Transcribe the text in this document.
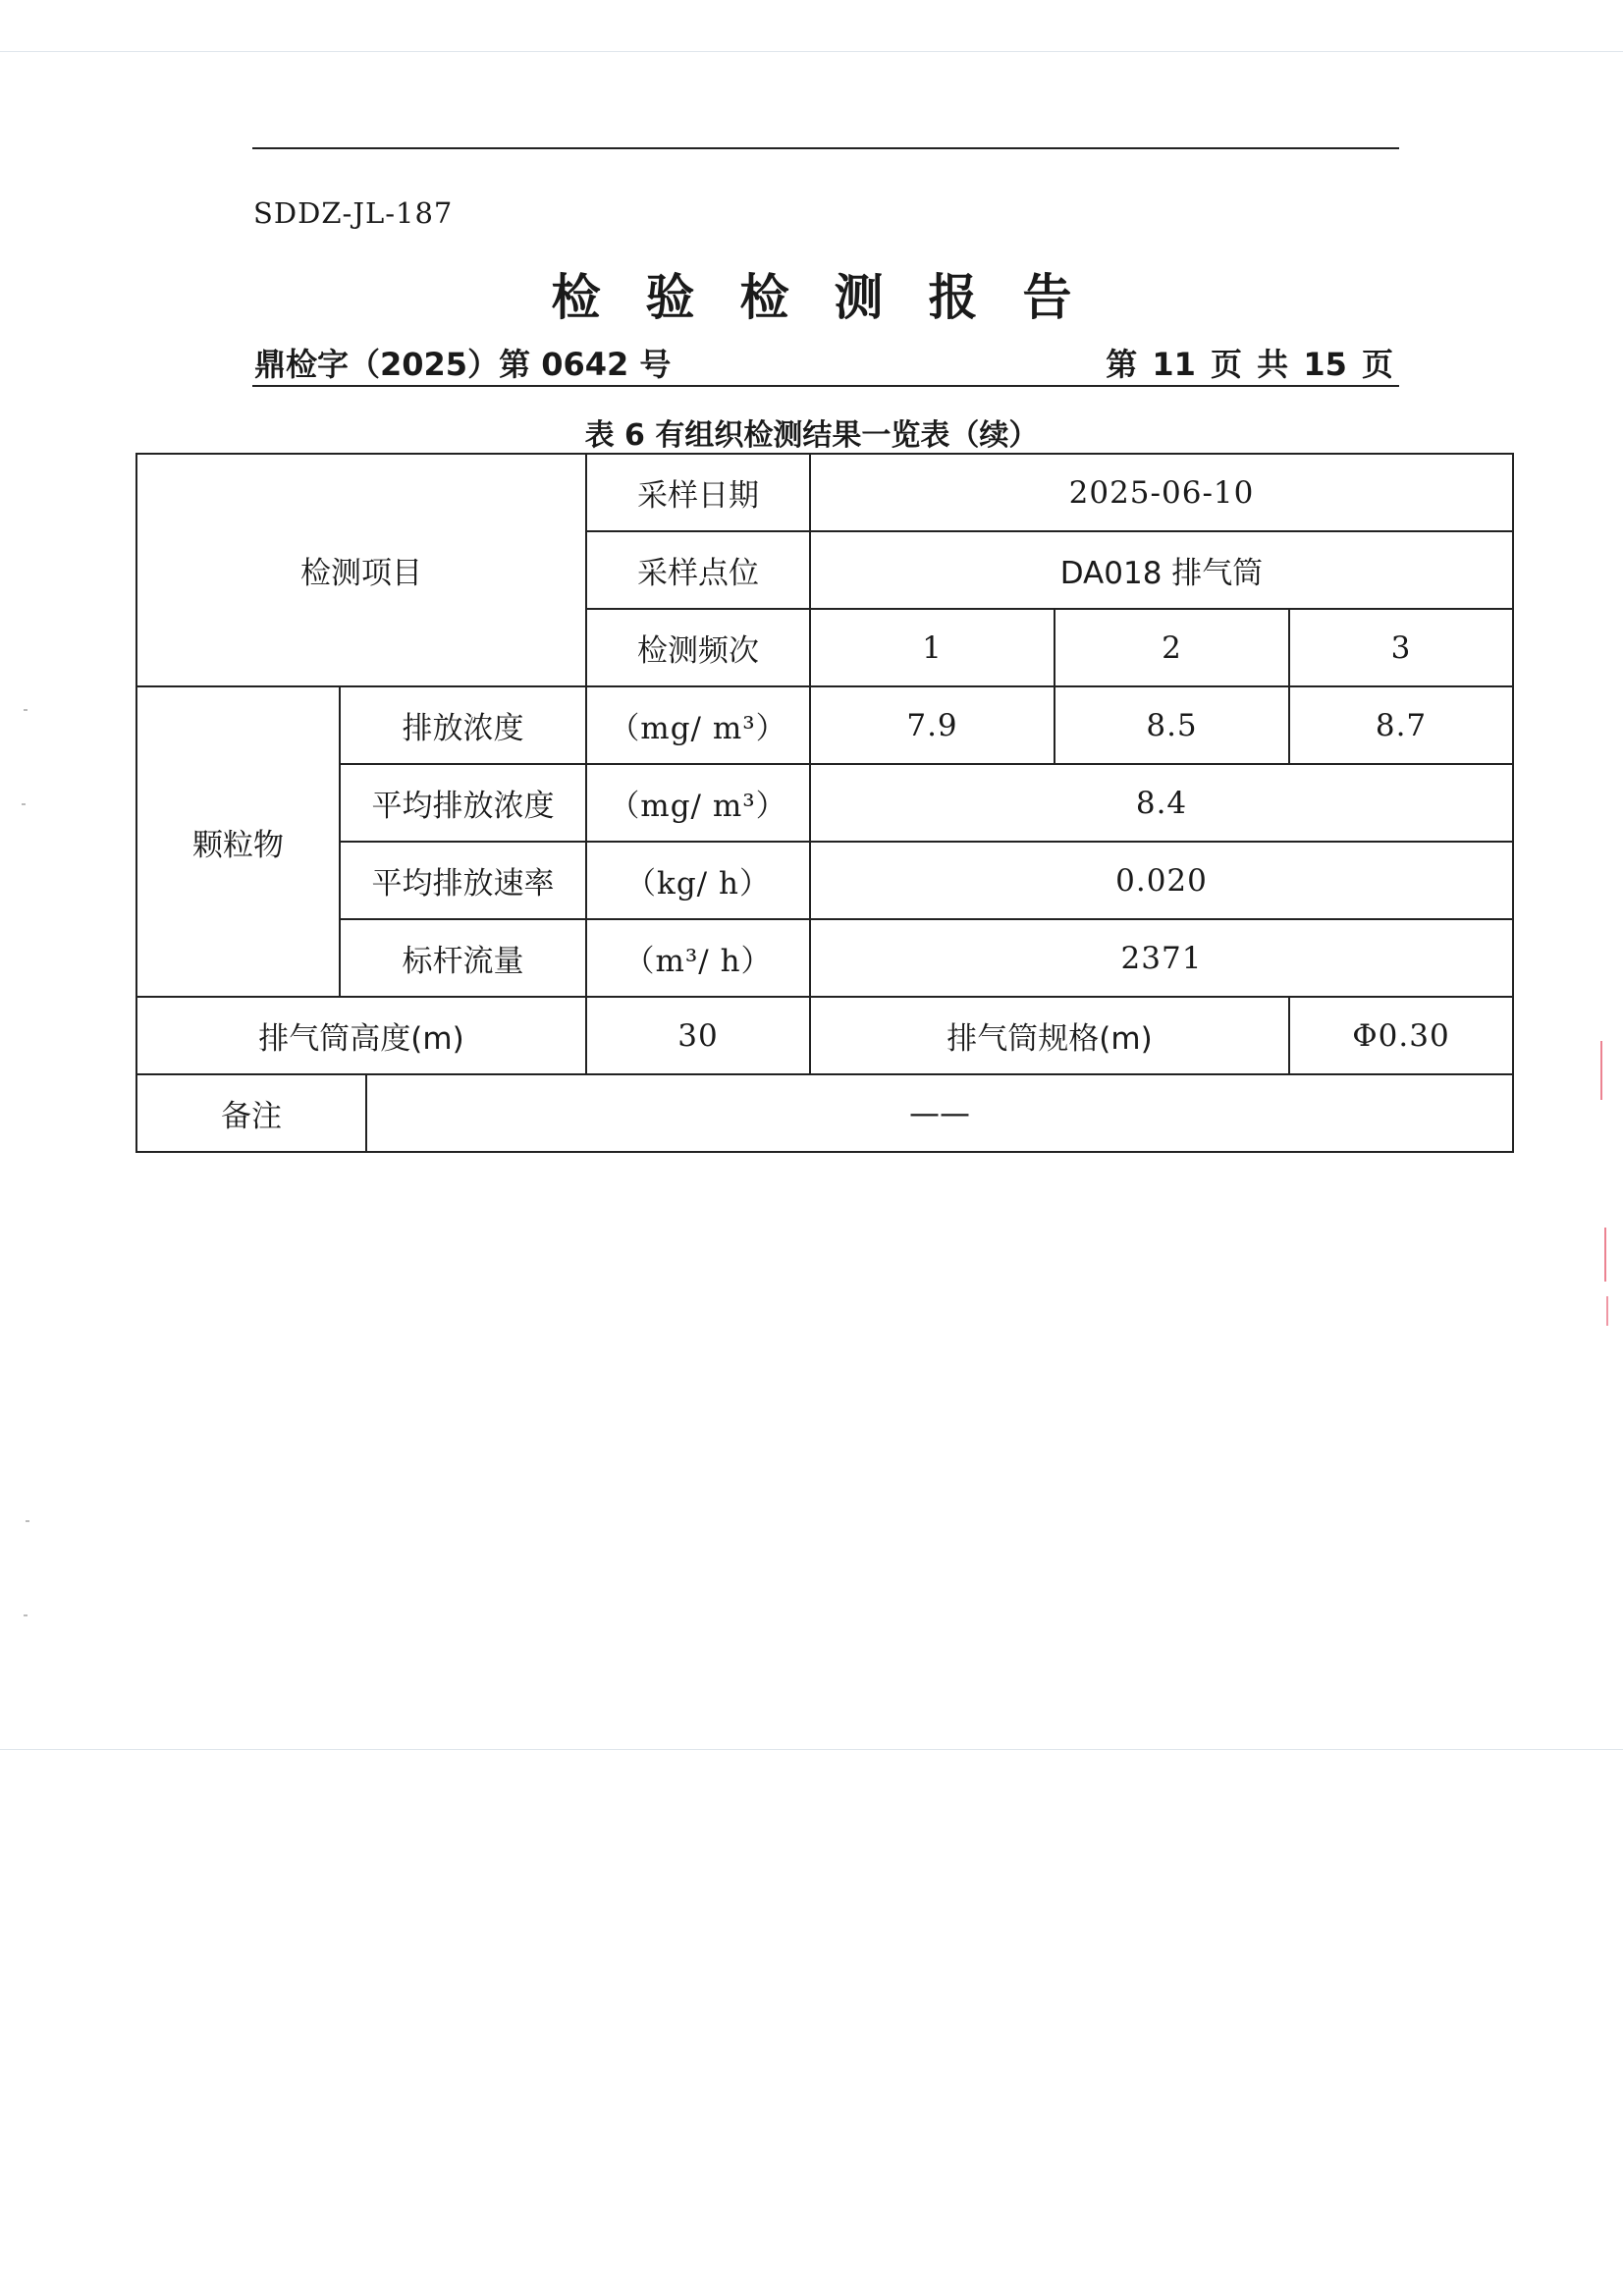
SDDZ-JL-187
检验检测报告
鼎检字（2025）第 0642 号	第 11 页 共 15 页
表 6 有组织检测结果一览表（续）
检测项目			采样日期	2025-06-10		
			采样点位	DA018 排气筒		
			检测频次	1	2	3
颗粒物	排放浓度		（mg/ m³）	7.9	8.5	8.7
	平均排放浓度		（mg/ m³）	8.4		
	平均排放速率		（kg/ h）	0.020		
	标杆流量		（m³/ h）	2371		
排气筒高度(m)			30	排气筒规格(m)		Φ0.30
备注		——				
